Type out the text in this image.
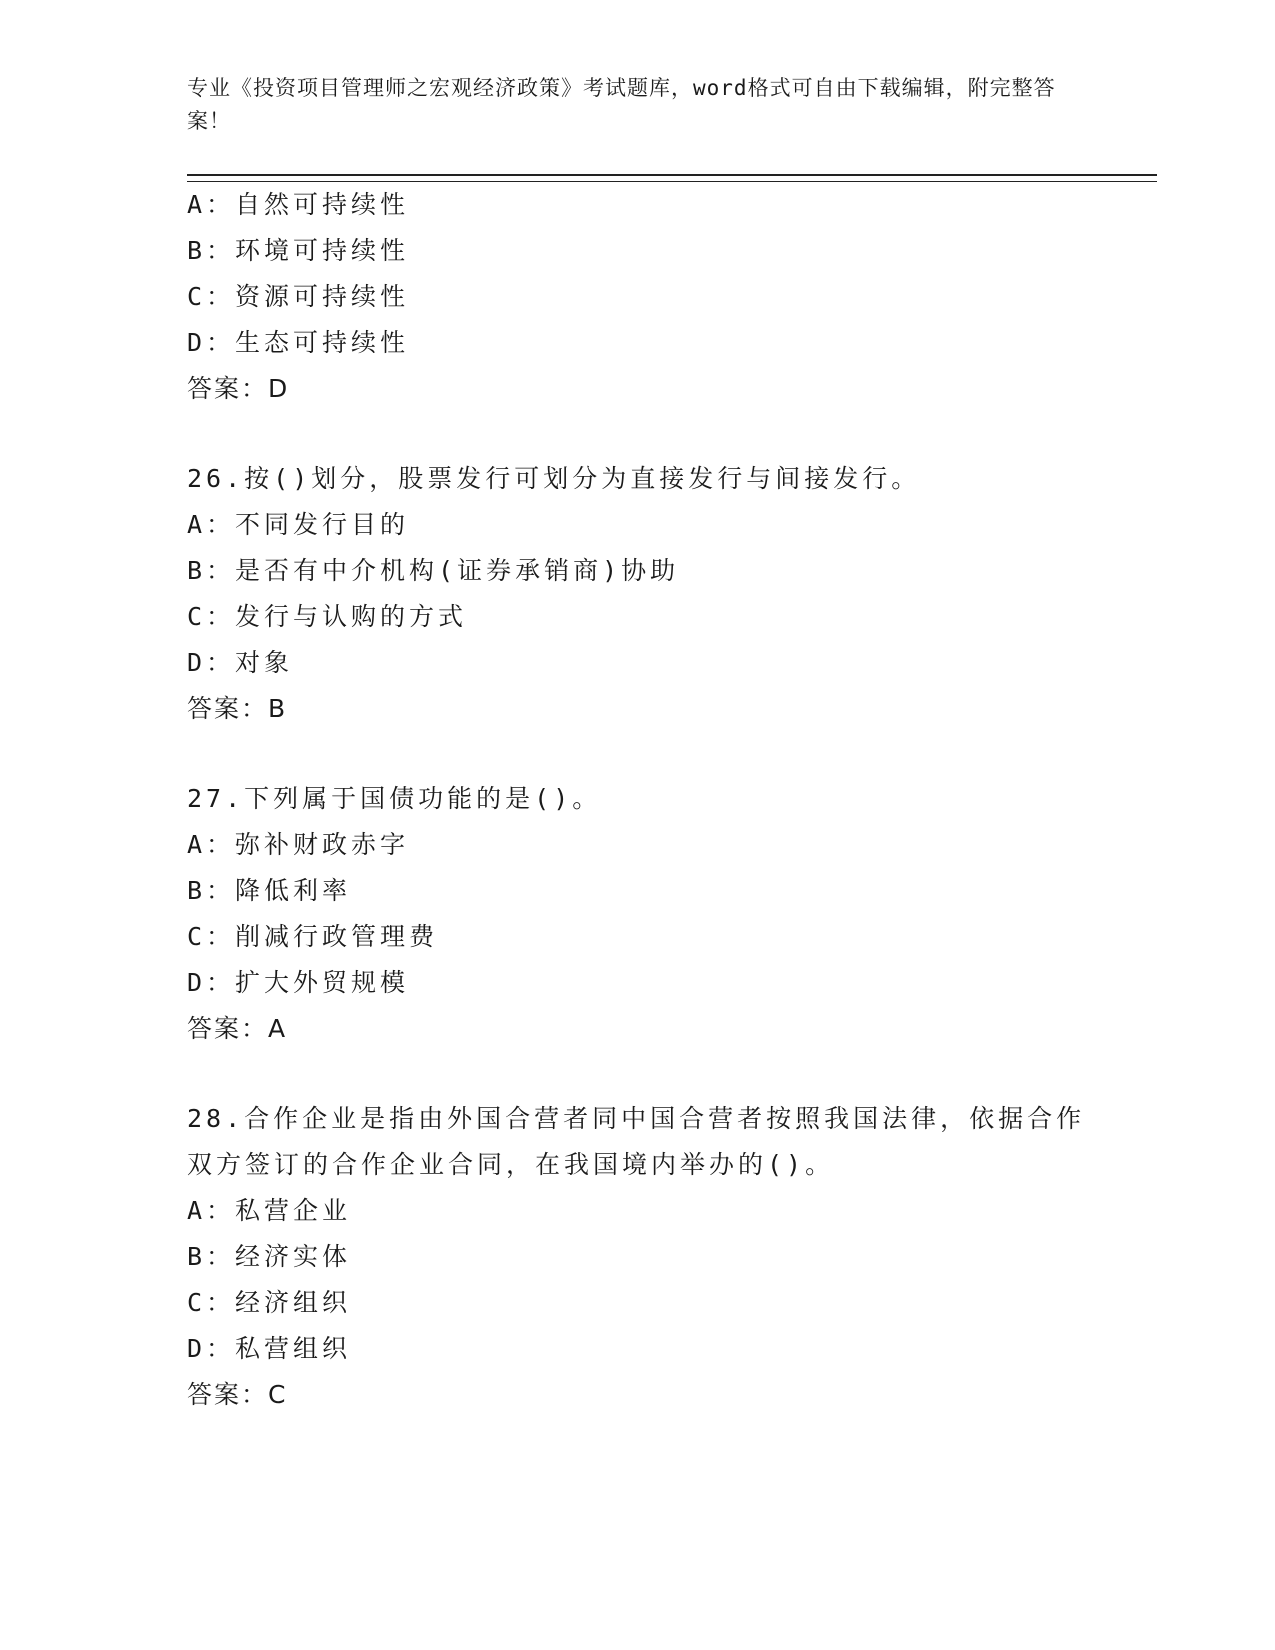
专业《投资项目管理师之宏观经济政策》考试题库，word格式可自由下载编辑，附完整答案！
A：自然可持续性
B：环境可持续性
C：资源可持续性
D：生态可持续性
答案：D
26.按()划分，股票发行可划分为直接发行与间接发行。
A：不同发行目的
B：是否有中介机构(证券承销商)协助
C：发行与认购的方式
D：对象
答案：B
27.下列属于国债功能的是()。
A：弥补财政赤字
B：降低利率
C：削减行政管理费
D：扩大外贸规模
答案：A
28.合作企业是指由外国合营者同中国合营者按照我国法律，依据合作双方签订的合作企业合同，在我国境内举办的()。
A：私营企业
B：经济实体
C：经济组织
D：私营组织
答案：C
